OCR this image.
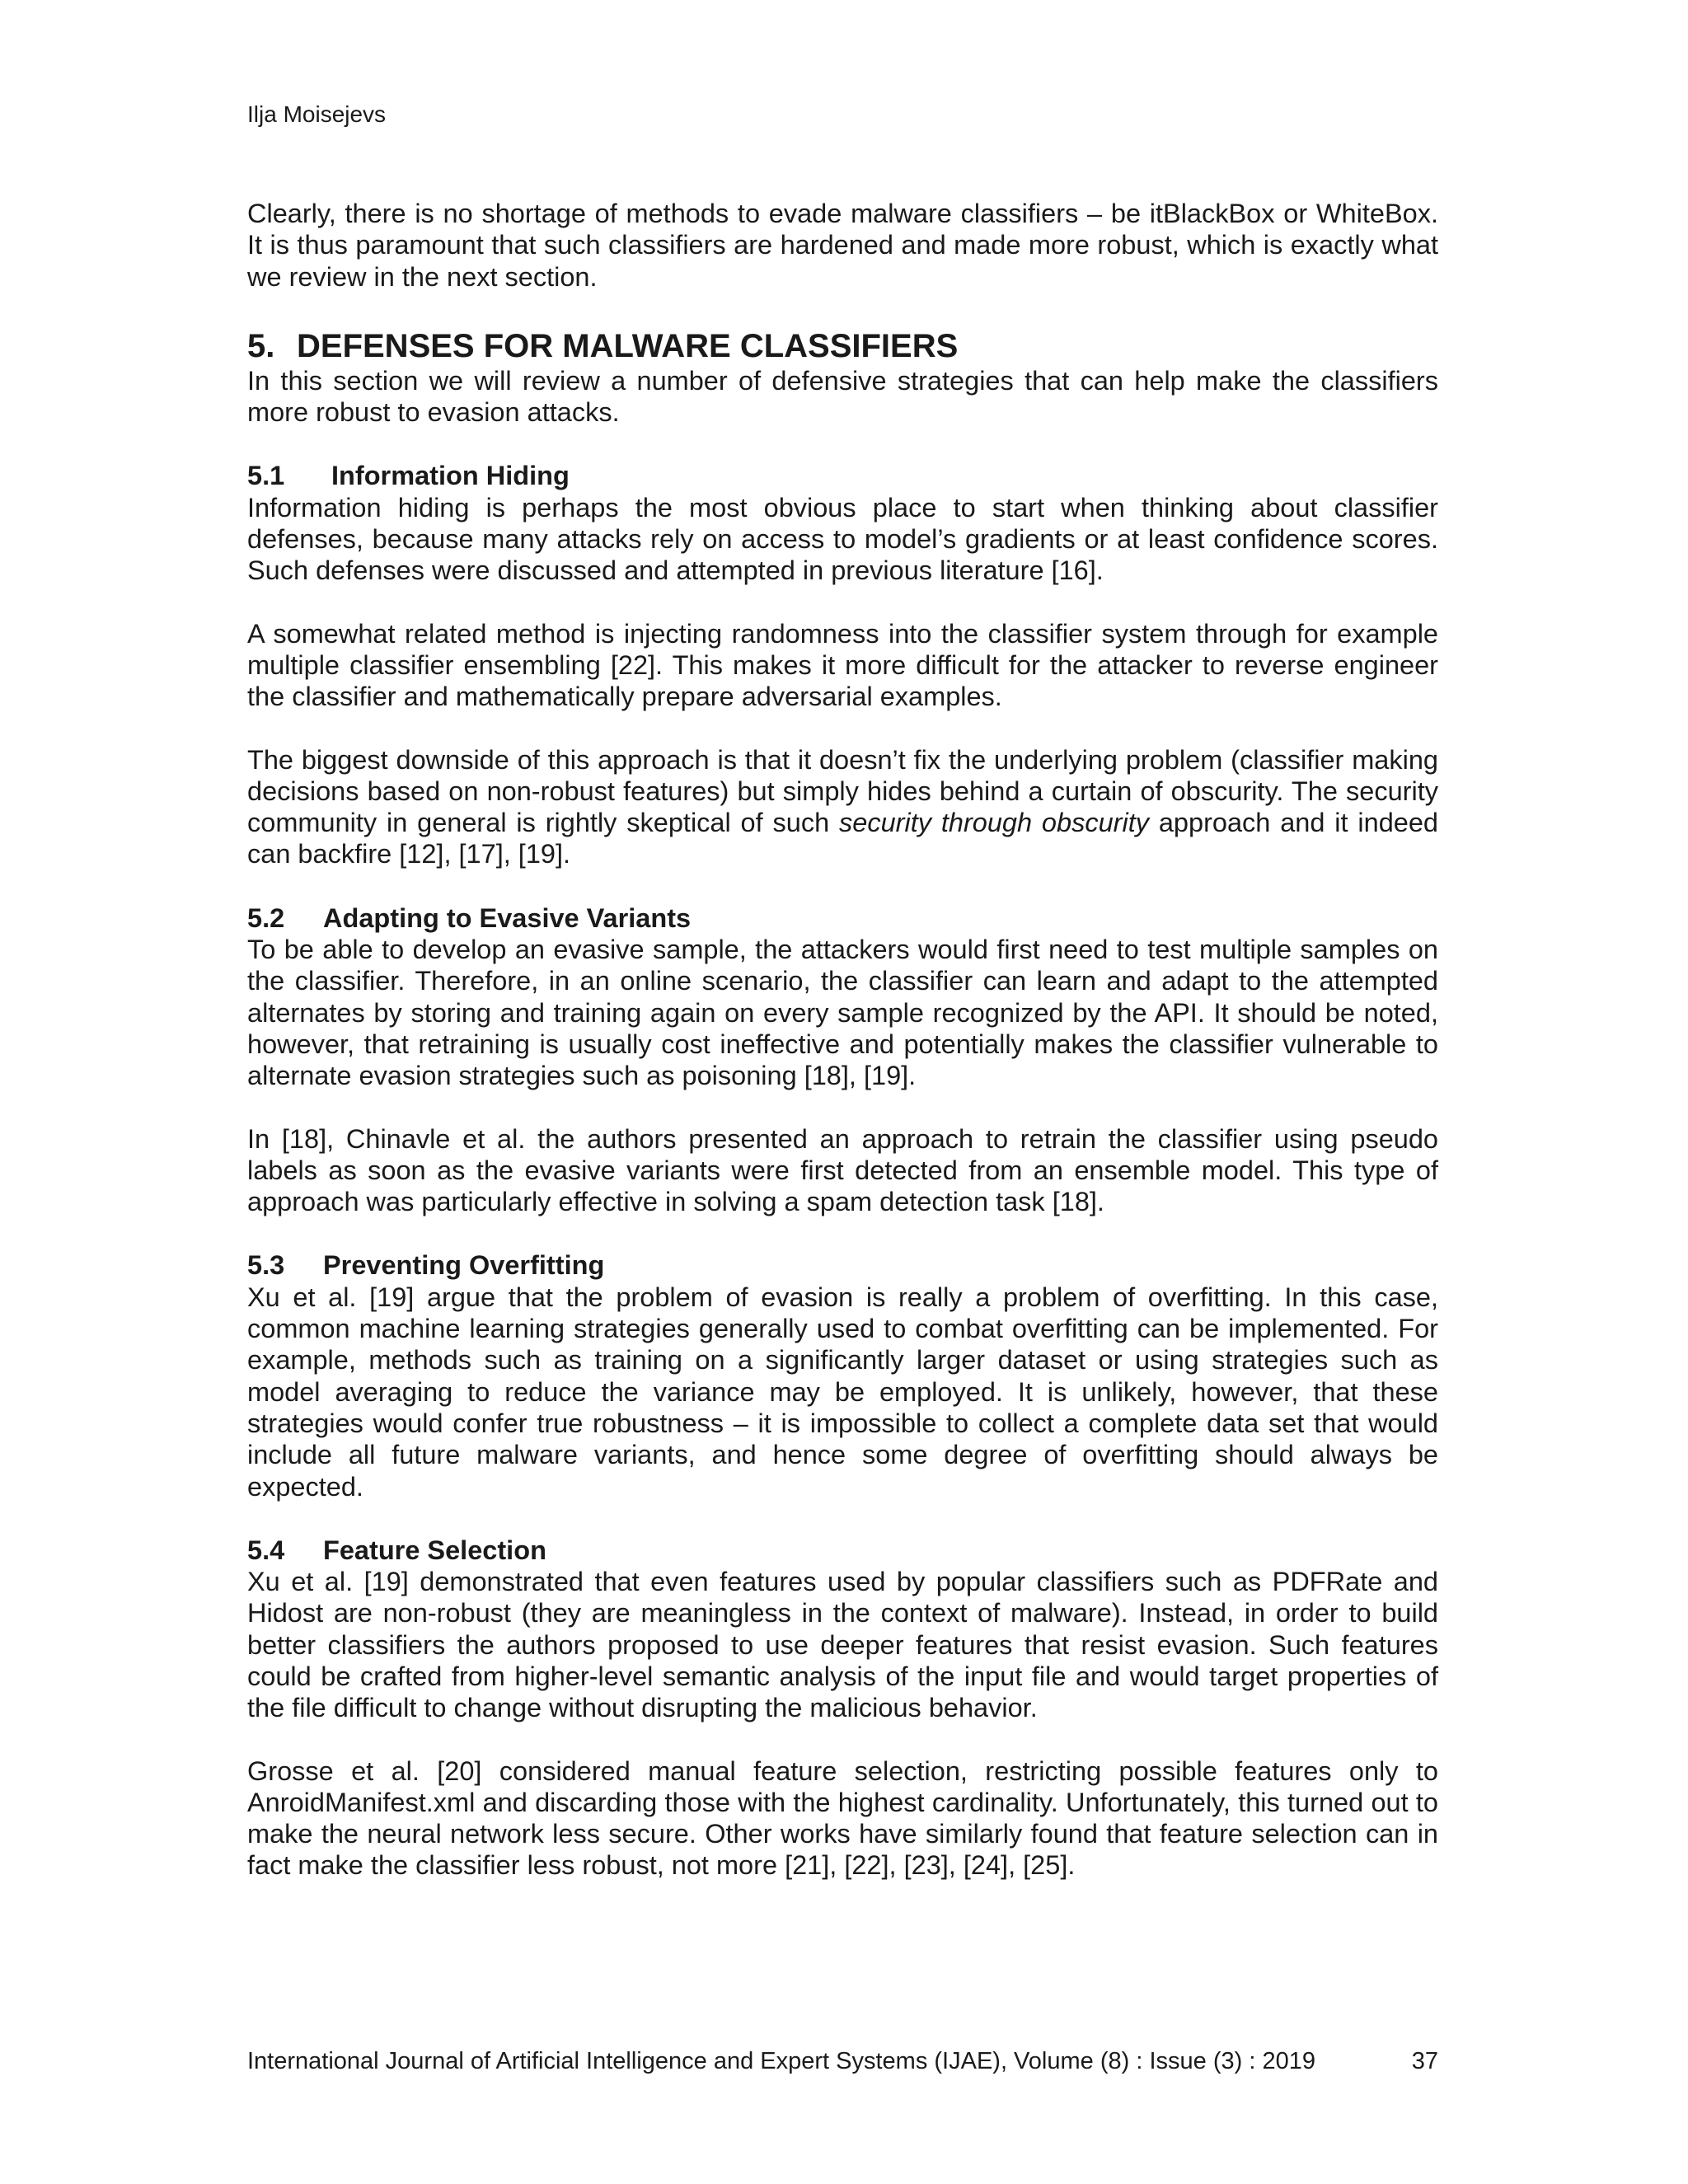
Ilja Moisejevs

Clearly, there is no shortage of methods to evade malware classifiers – be itBlackBox or WhiteBox. It is thus paramount that such classifiers are hardened and made more robust, which is exactly what we review in the next section.

5. DEFENSES FOR MALWARE CLASSIFIERS

In this section we will review a number of defensive strategies that can help make the classifiers more robust to evasion attacks.

5.1 Information Hiding

Information hiding is perhaps the most obvious place to start when thinking about classifier defenses, because many attacks rely on access to model’s gradients or at least confidence scores. Such defenses were discussed and attempted in previous literature [16].

A somewhat related method is injecting randomness into the classifier system through for example multiple classifier ensembling [22]. This makes it more difficult for the attacker to reverse engineer the classifier and mathematically prepare adversarial examples.

The biggest downside of this approach is that it doesn’t fix the underlying problem (classifier making decisions based on non-robust features) but simply hides behind a curtain of obscurity. The security community in general is rightly skeptical of such security through obscurity approach and it indeed can backfire [12], [17], [19].

5.2 Adapting to Evasive Variants

To be able to develop an evasive sample, the attackers would first need to test multiple samples on the classifier. Therefore, in an online scenario, the classifier can learn and adapt to the attempted alternates by storing and training again on every sample recognized by the API. It should be noted, however, that retraining is usually cost ineffective and potentially makes the classifier vulnerable to alternate evasion strategies such as poisoning [18], [19].

In [18], Chinavle et al. the authors presented an approach to retrain the classifier using pseudo labels as soon as the evasive variants were first detected from an ensemble model. This type of approach was particularly effective in solving a spam detection task [18].

5.3 Preventing Overfitting

Xu et al. [19] argue that the problem of evasion is really a problem of overfitting. In this case, common machine learning strategies generally used to combat overfitting can be implemented. For example, methods such as training on a significantly larger dataset or using strategies such as model averaging to reduce the variance may be employed. It is unlikely, however, that these strategies would confer true robustness – it is impossible to collect a complete data set that would include all future malware variants, and hence some degree of overfitting should always be expected.

5.4 Feature Selection

Xu et al. [19] demonstrated that even features used by popular classifiers such as PDFRate and Hidost are non-robust (they are meaningless in the context of malware). Instead, in order to build better classifiers the authors proposed to use deeper features that resist evasion. Such features could be crafted from higher-level semantic analysis of the input file and would target properties of the file difficult to change without disrupting the malicious behavior.

Grosse et al. [20] considered manual feature selection, restricting possible features only to AnroidManifest.xml and discarding those with the highest cardinality. Unfortunately, this turned out to make the neural network less secure. Other works have similarly found that feature selection can in fact make the classifier less robust, not more [21], [22], [23], [24], [25].

International Journal of Artificial Intelligence and Expert Systems (IJAE), Volume (8) : Issue (3) : 2019	37
